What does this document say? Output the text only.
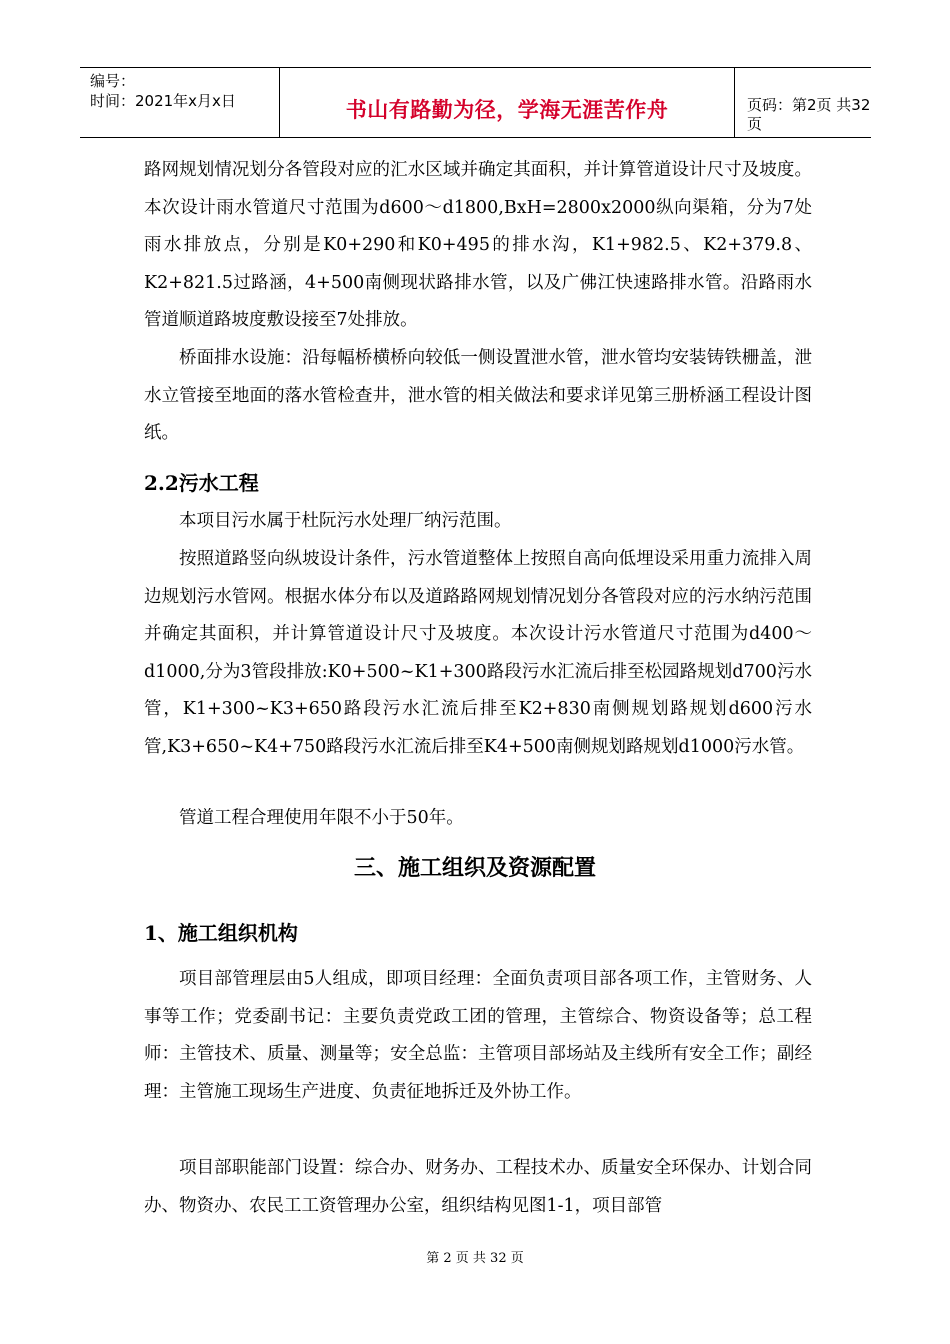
编号：
时间：2021年x月x日	书山有路勤为径，学海无涯苦作舟	页码：第2页 共32页
路网规划情况划分各管段对应的汇水区域并确定其面积，并计算管道设计尺寸及坡度。本次设计雨水管道尺寸范围为d600～d1800,BxH=2800x2000纵向渠箱，分为7处雨水排放点，分别是K0+290和K0+495的排水沟，K1+982.5、K2+379.8、K2+821.5过路涵，4+500南侧现状路排水管，以及广佛江快速路排水管。沿路雨水管道顺道路坡度敷设接至7处排放。
桥面排水设施：沿每幅桥横桥向较低一侧设置泄水管，泄水管均安装铸铁栅盖，泄水立管接至地面的落水管检查井，泄水管的相关做法和要求详见第三册桥涵工程设计图纸。
2.2污水工程
本项目污水属于杜阮污水处理厂纳污范围。
按照道路竖向纵坡设计条件，污水管道整体上按照自高向低埋设采用重力流排入周边规划污水管网。根据水体分布以及道路路网规划情况划分各管段对应的污水纳污范围并确定其面积，并计算管道设计尺寸及坡度。本次设计污水管道尺寸范围为d400～d1000,分为3管段排放:K0+500~K1+300路段污水汇流后排至松园路规划d700污水管，K1+300~K3+650路段污水汇流后排至K2+830南侧规划路规划d600污水管,K3+650~K4+750路段污水汇流后排至K4+500南侧规划路规划d1000污水管。
管道工程合理使用年限不小于50年。
三、施工组织及资源配置
1、施工组织机构
项目部管理层由5人组成，即项目经理：全面负责项目部各项工作，主管财务、人事等工作；党委副书记：主要负责党政工团的管理，主管综合、物资设备等；总工程师：主管技术、质量、测量等；安全总监：主管项目部场站及主线所有安全工作；副经理：主管施工现场生产进度、负责征地拆迁及外协工作。
项目部职能部门设置：综合办、财务办、工程技术办、质量安全环保办、计划合同办、物资办、农民工工资管理办公室，组织结构见图1-1，项目部管
第 2 页 共 32 页
